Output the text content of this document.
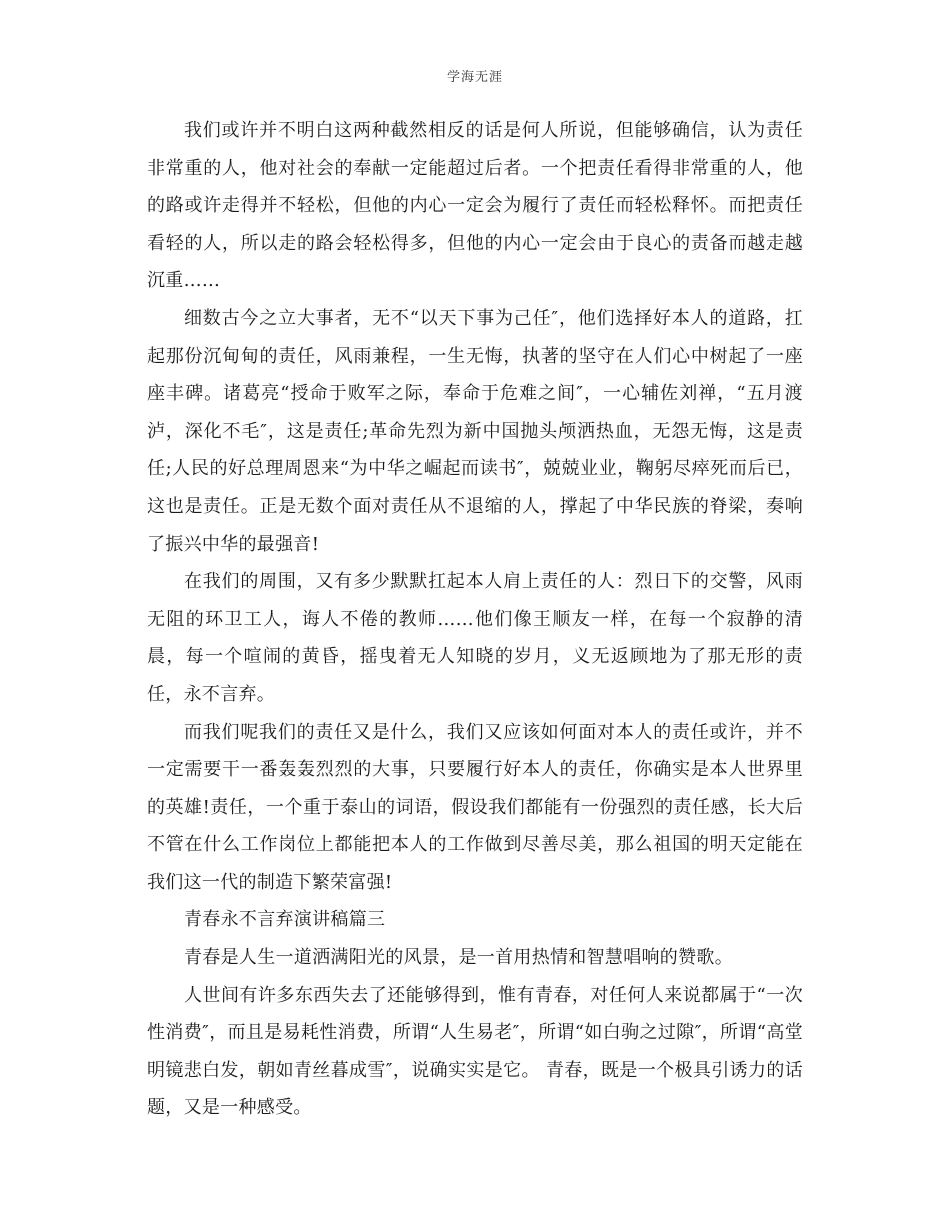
学海无涯

我们或许并不明白这两种截然相反的话是何人所说，但能够确信，认为责任非常重的人，他对社会的奉献一定能超过后者。一个把责任看得非常重的人，他的路或许走得并不轻松，但他的内心一定会为履行了责任而轻松释怀。而把责任看轻的人，所以走的路会轻松得多，但他的内心一定会由于良心的责备而越走越沉重……

细数古今之立大事者，无不“以天下事为己任″，他们选择好本人的道路，扛起那份沉甸甸的责任，风雨兼程，一生无悔，执著的坚守在人们心中树起了一座座丰碑。诸葛亮“授命于败军之际，奉命于危难之间″，一心辅佐刘禅，“五月渡泸，深化不毛″，这是责任;革命先烈为新中国抛头颅洒热血，无怨无悔，这是责任;人民的好总理周恩来“为中华之崛起而读书″，兢兢业业，鞠躬尽瘁死而后已，这也是责任。正是无数个面对责任从不退缩的人，撑起了中华民族的脊梁，奏响了振兴中华的最强音!

在我们的周围，又有多少默默扛起本人肩上责任的人：烈日下的交警，风雨无阻的环卫工人，诲人不倦的教师……他们像王顺友一样，在每一个寂静的清晨，每一个喧闹的黄昏，摇曳着无人知晓的岁月，义无返顾地为了那无形的责任，永不言弃。

而我们呢我们的责任又是什么，我们又应该如何面对本人的责任或许，并不一定需要干一番轰轰烈烈的大事，只要履行好本人的责任，你确实是本人世界里的英雄!责任，一个重于泰山的词语，假设我们都能有一份强烈的责任感，长大后不管在什么工作岗位上都能把本人的工作做到尽善尽美，那么祖国的明天定能在我们这一代的制造下繁荣富强!

青春永不言弃演讲稿篇三

青春是人生一道洒满阳光的风景，是一首用热情和智慧唱响的赞歌。

人世间有许多东西失去了还能够得到，惟有青春，对任何人来说都属于“一次性消费″，而且是易耗性消费，所谓“人生易老″，所谓“如白驹之过隙″，所谓“高堂明镜悲白发，朝如青丝暮成雪″，说确实实是它。 青春，既是一个极具引诱力的话题，又是一种感受。
